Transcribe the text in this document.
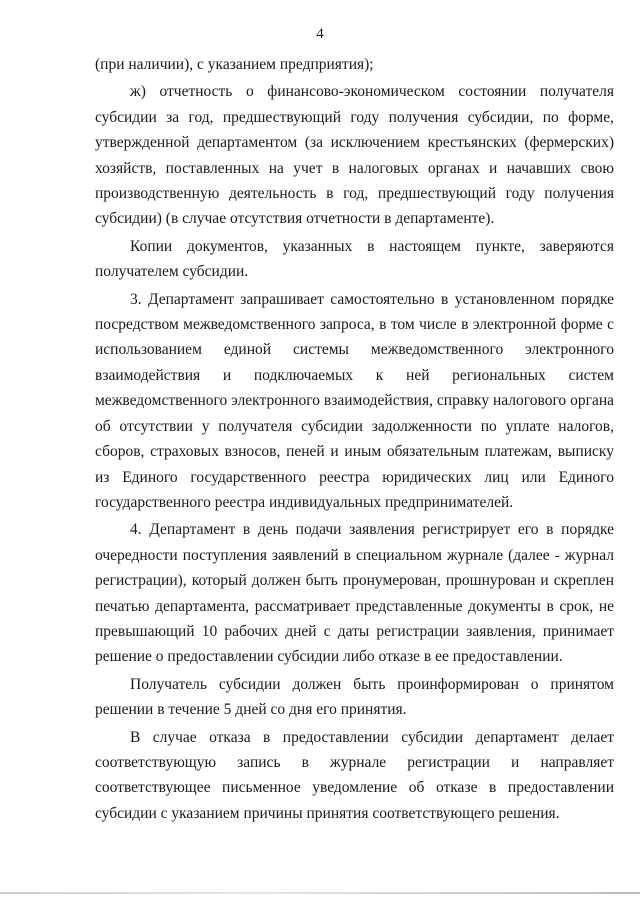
4

(при наличии), с указанием предприятия);

ж) отчетность о финансово-экономическом состоянии получателя субсидии за год, предшествующий году получения субсидии, по форме, утвержденной департаментом (за исключением крестьянских (фермерских) хозяйств, поставленных на учет в налоговых органах и начавших свою производственную деятельность в год, предшествующий году получения субсидии) (в случае отсутствия отчетности в департаменте).

Копии документов, указанных в настоящем пункте, заверяются получателем субсидии.

3. Департамент запрашивает самостоятельно в установленном порядке посредством межведомственного запроса, в том числе в электронной форме с использованием единой системы межведомственного электронного взаимодействия и подключаемых к ней региональных систем межведомственного электронного взаимодействия, справку налогового органа об отсутствии у получателя субсидии задолженности по уплате налогов, сборов, страховых взносов, пеней и иным обязательным платежам, выписку из Единого государственного реестра юридических лиц или Единого государственного реестра индивидуальных предпринимателей.

4. Департамент в день подачи заявления регистрирует его в порядке очередности поступления заявлений в специальном журнале (далее - журнал регистрации), который должен быть пронумерован, прошнурован и скреплен печатью департамента, рассматривает представленные документы в срок, не превышающий 10 рабочих дней с даты регистрации заявления, принимает решение о предоставлении субсидии либо отказе в ее предоставлении.

Получатель субсидии должен быть проинформирован о принятом решении в течение 5 дней со дня его принятия.

В случае отказа в предоставлении субсидии департамент делает соответствующую запись в журнале регистрации и направляет соответствующее письменное уведомление об отказе в предоставлении субсидии с указанием причины принятия соответствующего решения.
